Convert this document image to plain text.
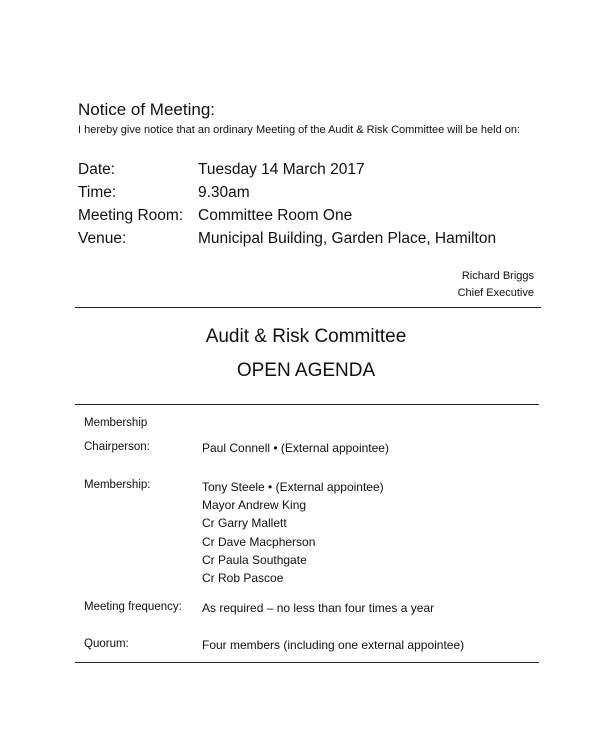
Notice of Meeting:
I hereby give notice that an ordinary Meeting of the Audit & Risk Committee will be held on:
Date:	Tuesday 14 March 2017
Time:	9.30am
Meeting Room: Committee Room One
Venue:	Municipal Building, Garden Place, Hamilton
Richard Briggs
Chief Executive
Audit & Risk Committee
OPEN AGENDA
Membership
Chairperson:	Paul Connell • (External appointee)
Membership:	Tony Steele • (External appointee)
Mayor Andrew King
Cr Garry Mallett
Cr Dave Macpherson
Cr Paula Southgate
Cr Rob Pascoe
Meeting frequency: As required – no less than four times a year
Quorum:	Four members (including one external appointee)
